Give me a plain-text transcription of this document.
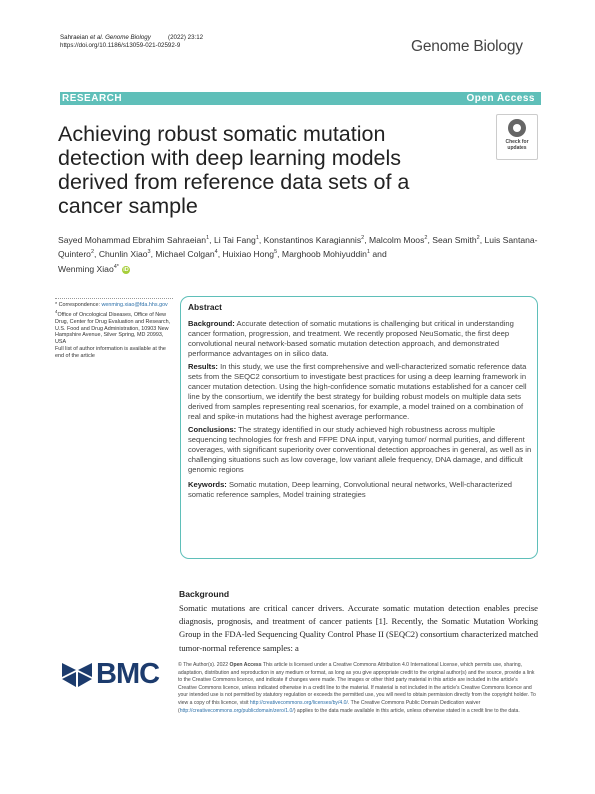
Sahraeian et al. Genome Biology	(2022) 23:12
https://doi.org/10.1186/s13059-021-02592-9	Genome Biology
RESEARCH	Open Access
Achieving robust somatic mutation detection with deep learning models derived from reference data sets of a cancer sample
Check for
updates
Sayed Mohammad Ebrahim Sahraeian$^1$, Li Tai Fang$^1$, Konstantinos Karagiannis$^2$, Malcolm Moos$^2$, Sean Smith$^2$, Luis Santana-Quintero$^2$, Chunlin Xiao$^3$, Michael Colgan$^4$, Huixiao Hong$^5$, Marghoob Mohiyuddin$^1$ and
Wenming Xiao$^{4*}$ iD
* Correspondence: wenming.xiao@fda.hhs.gov
$^4$Office of Oncological Diseases, Office of New Drug, Center for Drug Evaluation and Research, U.S. Food and Drug Administration, 10903 New Hampshire Avenue, Silver Spring, MD 20993, USA
Full list of author information is available at the end of the article
Abstract

Background: Accurate detection of somatic mutations is challenging but critical in understanding cancer formation, progression, and treatment. We recently proposed NeuSomatic, the first deep convolutional neural network-based somatic mutation detection approach, and demonstrated performance advantages on in silico data.

Results: In this study, we use the first comprehensive and well-characterized somatic reference data sets from the SEQC2 consortium to investigate best practices for using a deep learning framework in cancer mutation detection. Using the high-confidence somatic mutations established for a cancer cell line by the consortium, we identify the best strategy for building robust models on multiple data sets derived from samples representing real scenarios, for example, a model trained on a combination of real and spike-in mutations had the highest average performance.

Conclusions: The strategy identified in our study achieved high robustness across multiple sequencing technologies for fresh and FFPE DNA input, varying tumor/ normal purities, and different coverages, with significant superiority over conventional detection approaches in general, as well as in challenging situations such as low coverage, low variant allele frequency, DNA damage, and difficult genomic regions

Keywords: Somatic mutation, Deep learning, Convolutional neural networks, Well-characterized somatic reference samples, Model training strategies

Background
Somatic mutations are critical cancer drivers. Accurate somatic mutation detection enables precise diagnosis, prognosis, and treatment of cancer patients [1]. Recently, the Somatic Mutation Working Group in the FDA-led Sequencing Quality Control Phase II (SEQC2) consortium characterized matched tumor-normal reference samples: a
BMC	© The Author(s). 2022 Open Access This article is licensed under a Creative Commons Attribution 4.0 International License, which permits use, sharing, adaptation, distribution and reproduction in any medium or format, as long as you give appropriate credit to the original author(s) and the source, provide a link to the Creative Commons licence, and indicate if changes were made. The images or other third party material in this article are included in the article's Creative Commons licence, unless indicated otherwise in a credit line to the material. If material is not included in the article's Creative Commons licence and your intended use is not permitted by statutory regulation or exceeds the permitted use, you will need to obtain permission directly from the copyright holder. To view a copy of this licence, visit http://creativecommons.org/licenses/by/4.0/. The Creative Commons Public Domain Dedication waiver (http://creativecommons.org/publicdomain/zero/1.0/) applies to the data made available in this article, unless otherwise stated in a credit line to the data.
